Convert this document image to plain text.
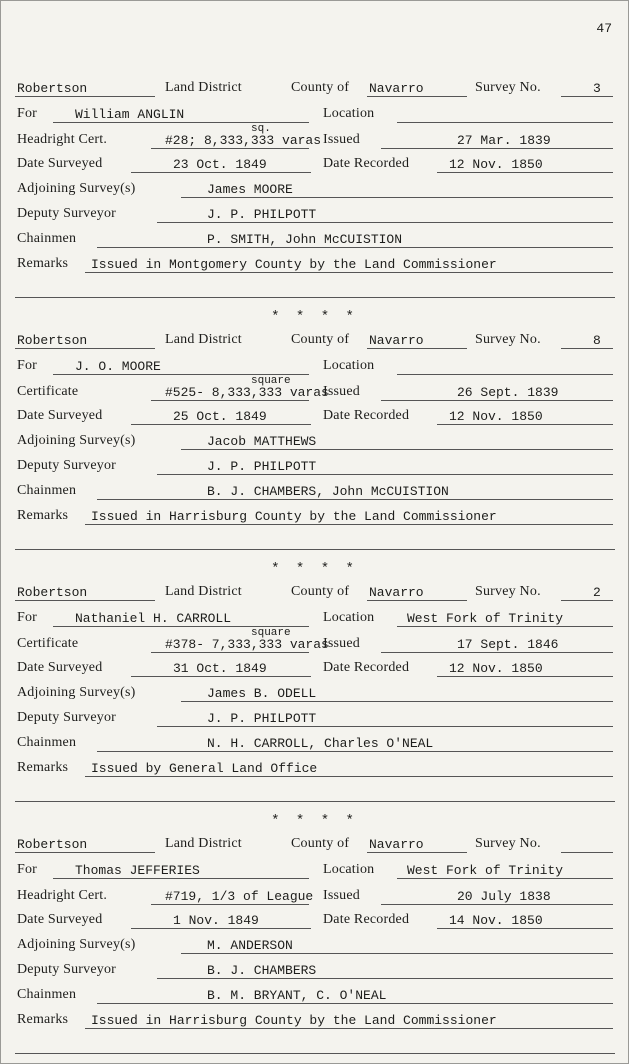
47
Robertson	Land District	County of Navarro	Survey No.	3
For	William ANGLIN	Location
Headright Cert.	#28; 8,333,333 varas
sq.
Issued	27 Mar. 1839
Date Surveyed	23 Oct. 1849	Date Recorded	12 Nov. 1850
Adjoining Survey(s)	James MOORE
Deputy Surveyor	J. P. PHILPOTT
Chainmen	P. SMITH, John McCUISTION
Remarks Issued in Montgomery County by the Land Commissioner
* * * *
Robertson	Land District	County of Navarro	Survey No.	8
For	J. O. MOORE	Location
Certificate	#525- 8,333,333 varas
square
Issued	26 Sept. 1839
Date Surveyed	25 Oct. 1849	Date Recorded	12 Nov. 1850
Adjoining Survey(s)	Jacob MATTHEWS
Deputy Surveyor	J. P. PHILPOTT
Chainmen	B. J. CHAMBERS, John McCUISTION
Remarks Issued in Harrisburg County by the Land Commissioner
* * * *
Robertson	Land District	County of Navarro	Survey No.	2
For	Nathaniel H. CARROLL	Location	West Fork of Trinity
Certificate	#378- 7,333,333 varas
square
Issued	17 Sept. 1846
Date Surveyed	31 Oct. 1849	Date Recorded	12 Nov. 1850
Adjoining Survey(s)	James B. ODELL
Deputy Surveyor	J. P. PHILPOTT
Chainmen	N. H. CARROLL, Charles O'NEAL
Remarks Issued by General Land Office
* * * *
Robertson	Land District	County of Navarro	Survey No.
For	Thomas JEFFERIES	Location	West Fork of Trinity
Headright Cert.	#719, 1/3 of League Issued	20 July 1838
Date Surveyed	1 Nov. 1849	Date Recorded	14 Nov. 1850
Adjoining Survey(s)	M. ANDERSON
Deputy Surveyor	B. J. CHAMBERS
Chainmen	B. M. BRYANT, C. O'NEAL
Remarks Issued in Harrisburg County by the Land Commissioner
